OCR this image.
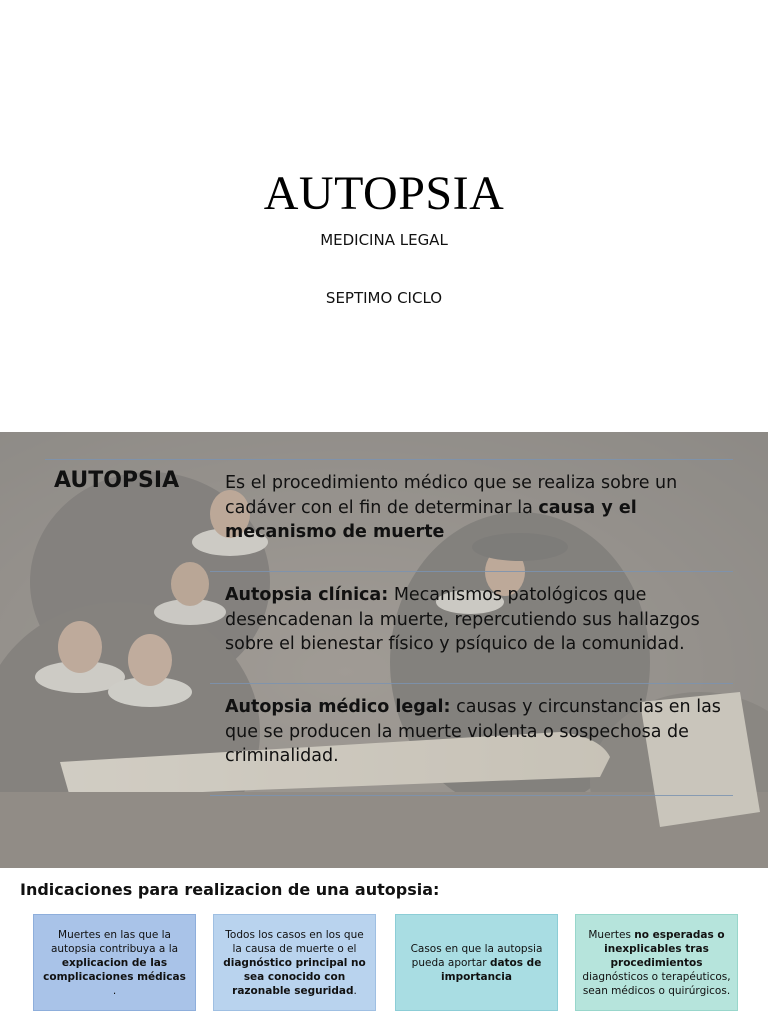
AUTOPSIA
MEDICINA LEGAL
SEPTIMO CICLO
AUTOPSIA	Es el procedimiento médico que se realiza sobre un cadáver con el fin de determinar la causa y el mecanismo de muerte
Autopsia clínica: Mecanismos patológicos que desencadenan la muerte, repercutiendo sus hallazgos sobre el bienestar físico y psíquico de la comunidad.
Autopsia médico legal: causas y circunstancias en las que se producen la muerte violenta o sospechosa de criminalidad.
Indicaciones para realizacion de una autopsia:
Muertes en las que la autopsia contribuya a la explicacion de las complicaciones médicas .
Todos los casos en los que la causa de muerte o el diagnóstico principal no sea conocido con razonable seguridad.
Casos en que la autopsia pueda aportar datos de importancia
Muertes no esperadas o inexplicables tras procedimientos diagnósticos o terapéuticos, sean médicos o quirúrgicos.
